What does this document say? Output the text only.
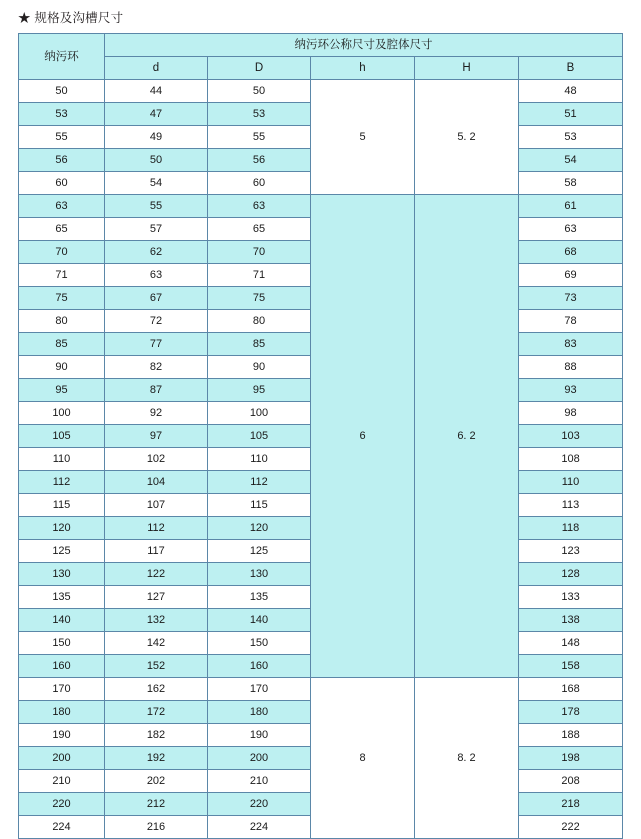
★ 规格及沟槽尺寸
纳污环	纳污环公称尺寸及腔体尺寸				
	d	D	h	H	B
50	44	50	5	5. 2	48
53	47	53			51
55	49	55			53
56	50	56			54
60	54	60			58
63	55	63	6	6. 2	61
65	57	65			63
70	62	70			68
71	63	71			69
75	67	75			73
80	72	80			78
85	77	85			83
90	82	90			88
95	87	95			93
100	92	100			98
105	97	105			103
110	102	110			108
112	104	112			110
115	107	115			113
120	112	120			118
125	117	125			123
130	122	130			128
135	127	135			133
140	132	140			138
150	142	150			148
160	152	160			158
170	162	170	8	8. 2	168
180	172	180			178
190	182	190			188
200	192	200			198
210	202	210			208
220	212	220			218
224	216	224			222
